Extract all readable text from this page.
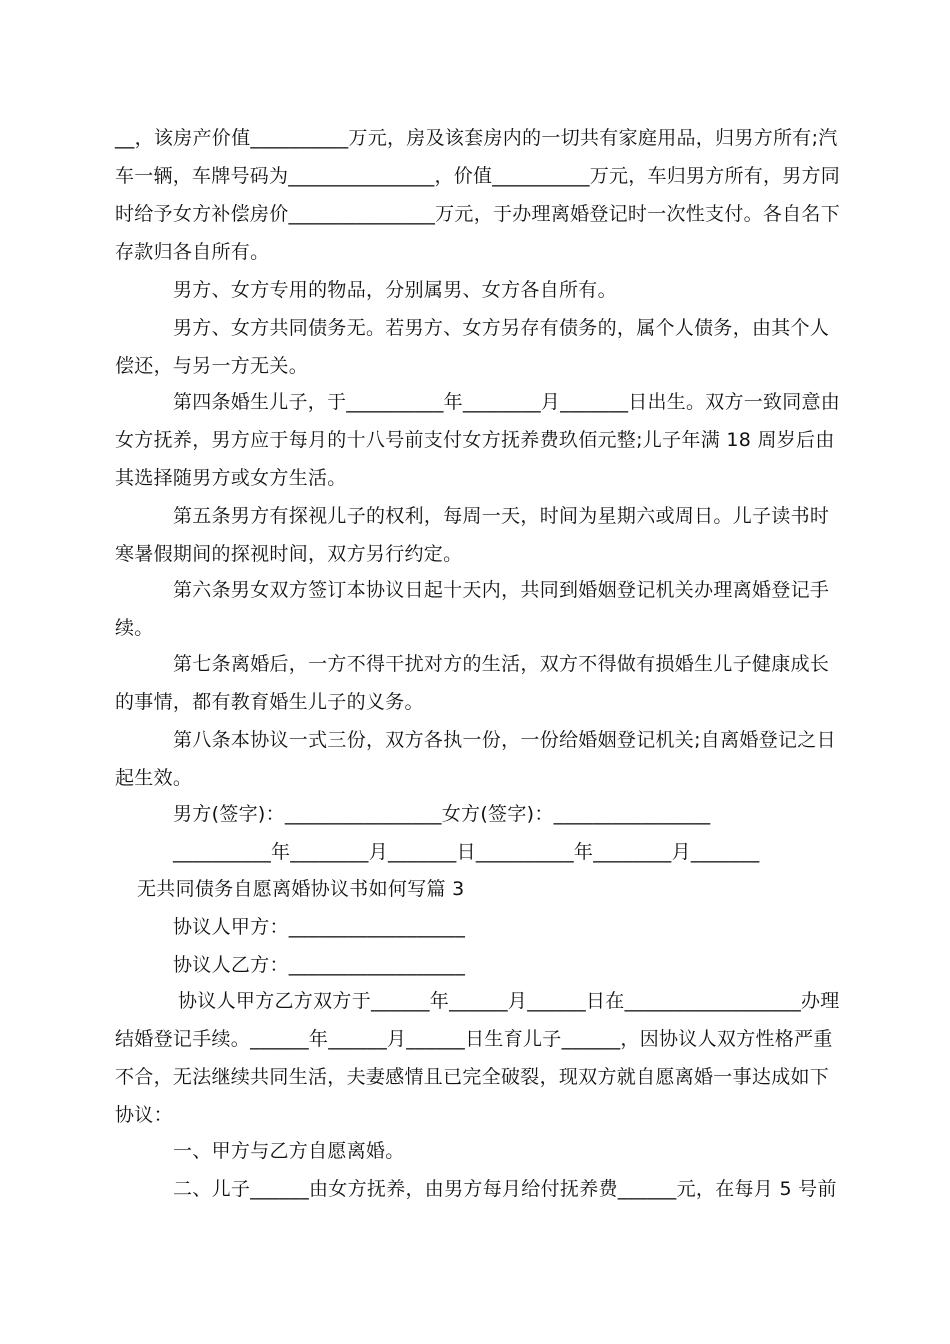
__，该房产价值__________万元，房及该套房内的一切共有家庭用品，归男方所有;汽
车一辆，车牌号码为_______________，价值__________万元，车归男方所有，男方同
时给予女方补偿房价_______________万元，于办理离婚登记时一次性支付。各自名下
存款归各自所有。
男方、女方专用的物品，分别属男、女方各自所有。
男方、女方共同债务无。若男方、女方另存有债务的，属个人债务，由其个人
偿还，与另一方无关。
第四条婚生儿子，于__________年________月_______日出生。双方一致同意由
女方抚养，男方应于每月的十八号前支付女方抚养费玖佰元整;儿子年满 18 周岁后由
其选择随男方或女方生活。
第五条男方有探视儿子的权利，每周一天，时间为星期六或周日。儿子读书时
寒暑假期间的探视时间，双方另行约定。
第六条男女双方签订本协议日起十天内，共同到婚姻登记机关办理离婚登记手
续。
第七条离婚后，一方不得干扰对方的生活，双方不得做有损婚生儿子健康成长
的事情，都有教育婚生儿子的义务。
第八条本协议一式三份，双方各执一份，一份给婚姻登记机关;自离婚登记之日
起生效。
男方(签字)：________________女方(签字)：________________
__________年________月_______日__________年________月_______
无共同债务自愿离婚协议书如何写篇 3
协议人甲方：__________________
协议人乙方：__________________
协议人甲方乙方双方于______年______月______日在__________________办理
结婚登记手续。______年______月______日生育儿子______，因协议人双方性格严重
不合，无法继续共同生活，夫妻感情且已完全破裂，现双方就自愿离婚一事达成如下
协议：
一、甲方与乙方自愿离婚。
二、儿子______由女方抚养，由男方每月给付抚养费______元，在每月 5 号前
